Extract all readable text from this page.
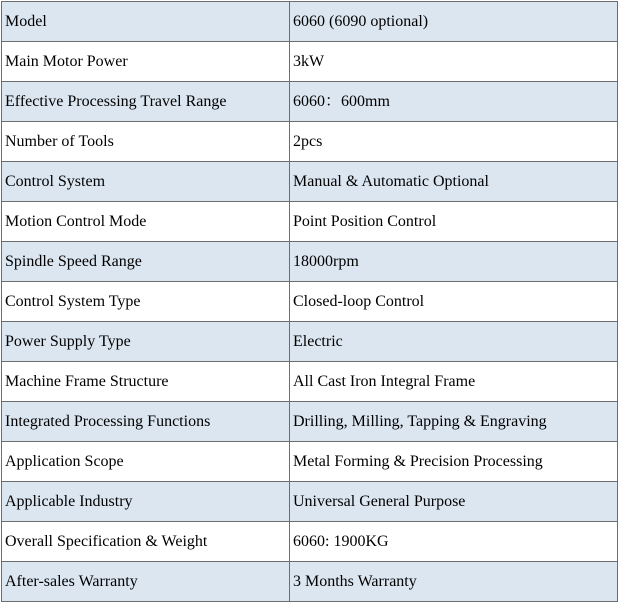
Model	6060 (6090 optional)
Main Motor Power	3kW
Effective Processing Travel Range	6060：600mm
Number of Tools	2pcs
Control System	Manual & Automatic Optional
Motion Control Mode	Point Position Control
Spindle Speed Range	18000rpm
Control System Type	Closed-loop Control
Power Supply Type	Electric
Machine Frame Structure	All Cast Iron Integral Frame
Integrated Processing Functions	Drilling, Milling, Tapping & Engraving
Application Scope	Metal Forming & Precision Processing
Applicable Industry	Universal General Purpose
Overall Specification & Weight	6060: 1900KG
After-sales Warranty	3 Months Warranty
